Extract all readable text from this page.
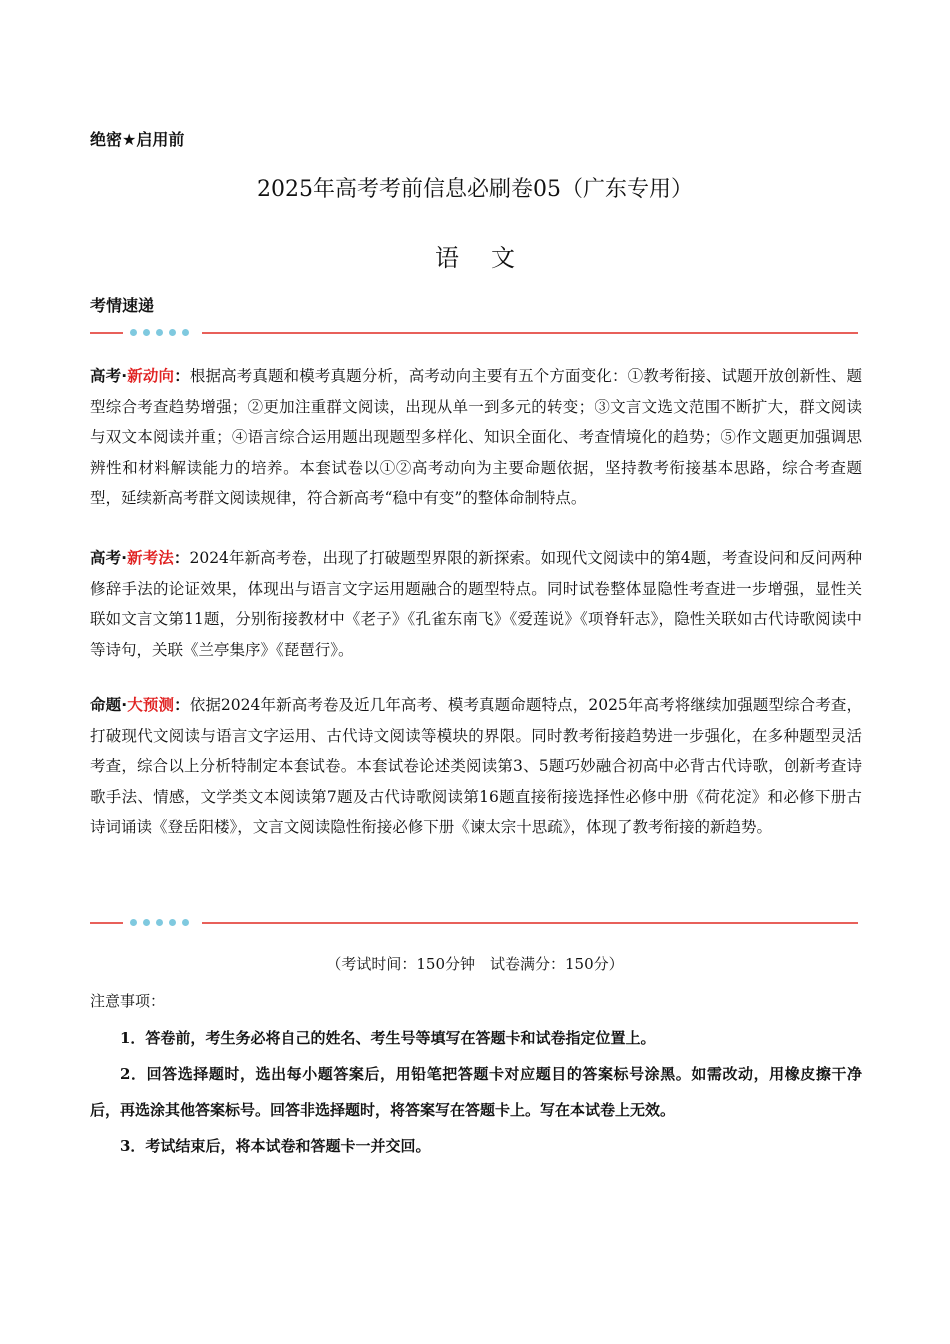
绝密★启用前
2025年高考考前信息必刷卷05（广东专用）
语文
考情速递
高考·新动向：根据高考真题和模考真题分析，高考动向主要有五个方面变化：①教考衔接、试题开放创新性、题型综合考查趋势增强；②更加注重群文阅读，出现从单一到多元的转变；③文言文选文范围不断扩大，群文阅读与双文本阅读并重；④语言综合运用题出现题型多样化、知识全面化、考查情境化的趋势；⑤作文题更加强调思辨性和材料解读能力的培养。本套试卷以①②高考动向为主要命题依据，坚持教考衔接基本思路，综合考查题型，延续新高考群文阅读规律，符合新高考“稳中有变”的整体命制特点。
高考·新考法：2024年新高考卷，出现了打破题型界限的新探索。如现代文阅读中的第4题，考查设问和反问两种修辞手法的论证效果，体现出与语言文字运用题融合的题型特点。同时试卷整体显隐性考查进一步增强，显性关联如文言文第11题，分别衔接教材中《老子》《孔雀东南飞》《爱莲说》《项脊轩志》，隐性关联如古代诗歌阅读中等诗句，关联《兰亭集序》《琵琶行》。
命题·大预测：依据2024年新高考卷及近几年高考、模考真题命题特点，2025年高考将继续加强题型综合考查，打破现代文阅读与语言文字运用、古代诗文阅读等模块的界限。同时教考衔接趋势进一步强化，在多种题型灵活考查，综合以上分析特制定本套试卷。本套试卷论述类阅读第3、5题巧妙融合初高中必背古代诗歌，创新考查诗歌手法、情感，文学类文本阅读第7题及古代诗歌阅读第16题直接衔接选择性必修中册《荷花淀》和必修下册古诗词诵读《登岳阳楼》，文言文阅读隐性衔接必修下册《谏太宗十思疏》，体现了教考衔接的新趋势。
（考试时间：150分钟　试卷满分：150分）
注意事项：

1．答卷前，考生务必将自己的姓名、考生号等填写在答题卡和试卷指定位置上。

2．回答选择题时，选出每小题答案后，用铅笔把答题卡对应题目的答案标号涂黑。如需改动，用橡皮擦干净后，再选涂其他答案标号。回答非选择题时，将答案写在答题卡上。写在本试卷上无效。

3．考试结束后，将本试卷和答题卡一并交回。
